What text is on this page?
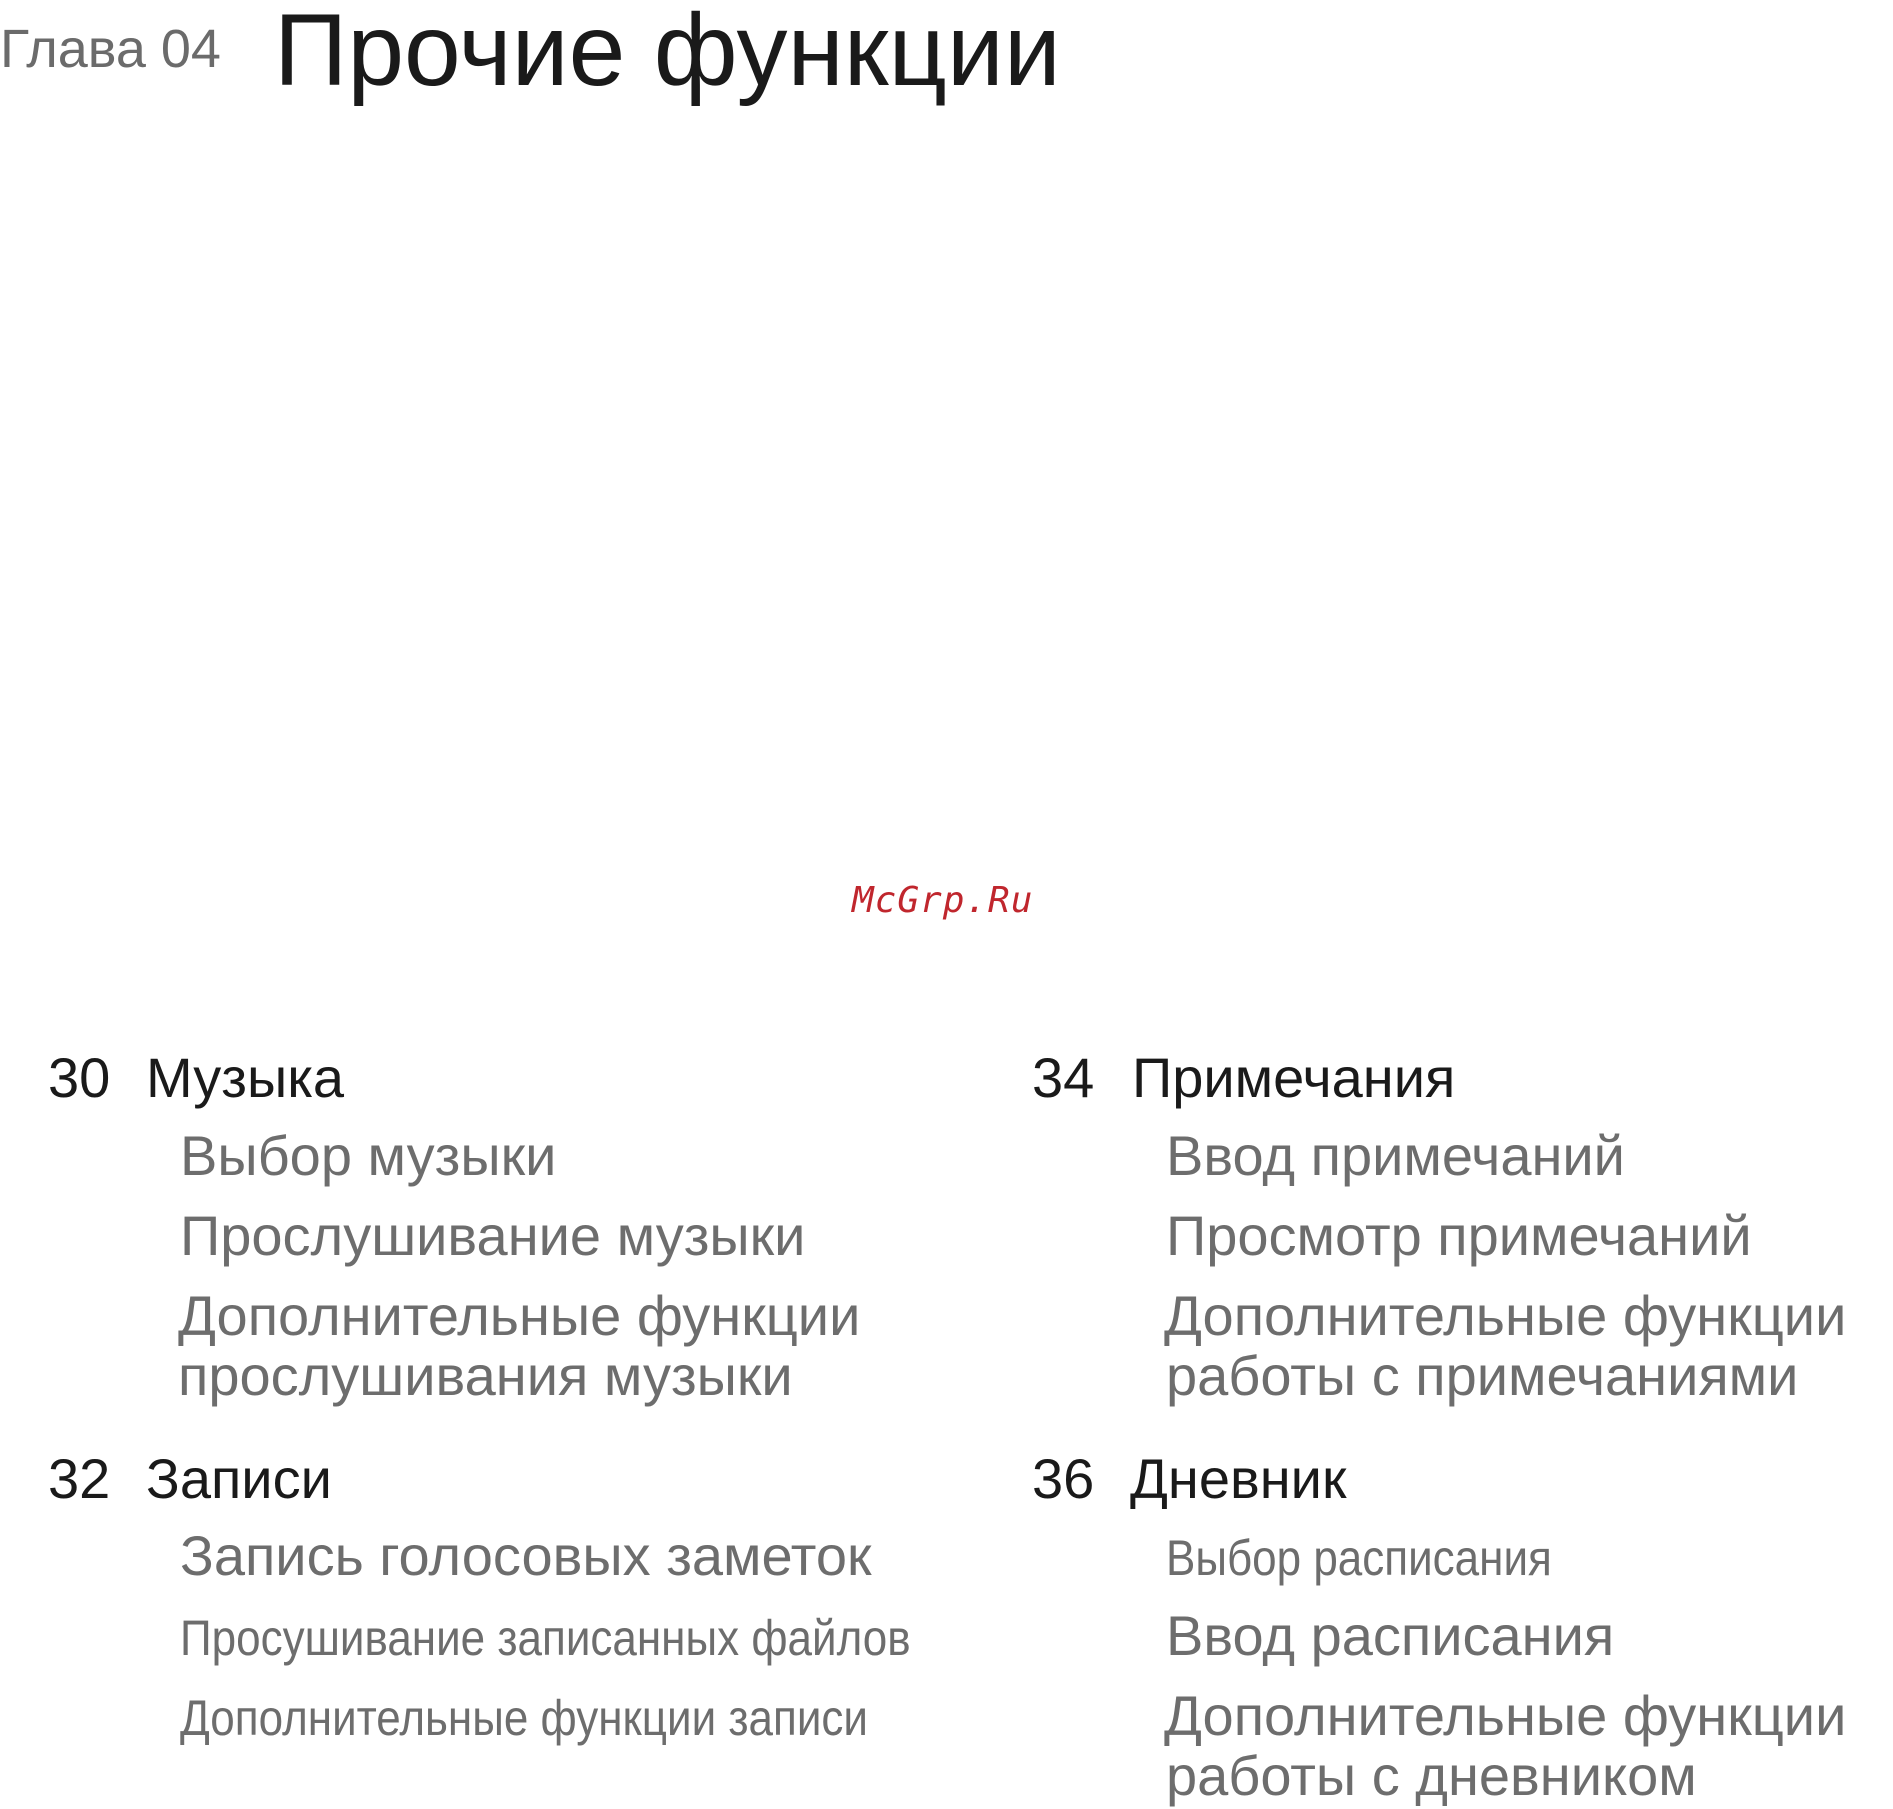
Глава 04 Прочие функции
McGrp.Ru
30 Музыка
Выбор музыки
Прослушивание музыки
Дополнительные функции
прослушивания музыки
32 Записи
Запись голосовых заметок
Просушивание записанных файлов
Дополнительные функции записи
34 Примечания
Ввод примечаний
Просмотр примечаний
Дополнительные функции
работы с примечаниями
36 Дневник
Выбор расписания
Ввод расписания
Дополнительные функции
работы с дневником
